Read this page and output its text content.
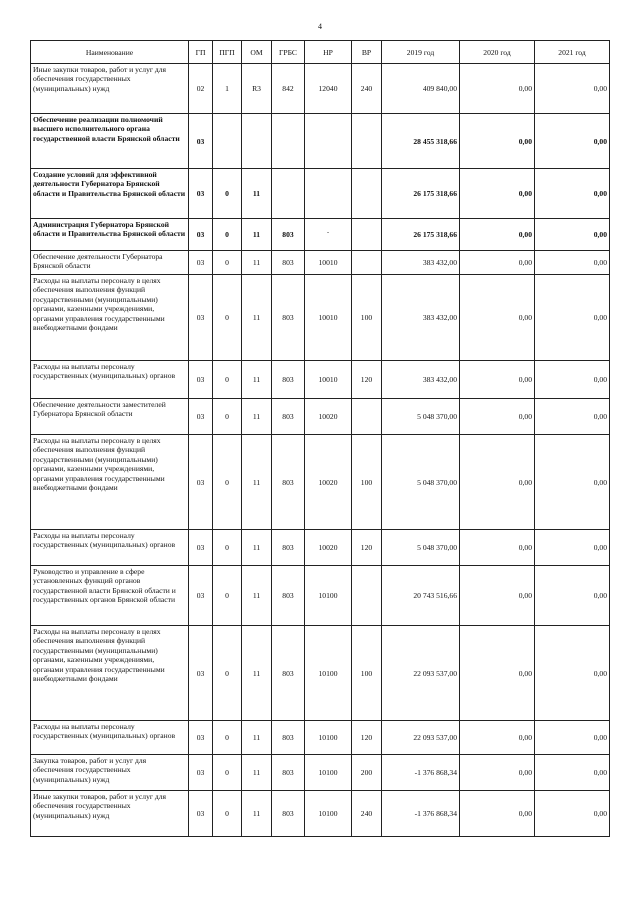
4
Наименование	ГП	ПГП	ОМ	ГРБС	НР	ВР	2019 год	2020 год	2021 год
Иные закупки товаров, работ и услуг для обеспечения государственных (муниципальных) нужд	02	1	R3	842	12040	240	409 840,00	0,00	0,00
Обеспечение реализации полномочий высшего исполнительного органа государственной власти Брянской области	03						28 455 318,66	0,00	0,00
Создание условий для эффективной деятельности Губернатора Брянской области и Правительства Брянской области	03	0	11				26 175 318,66	0,00	0,00
Администрация Губернатора Брянской области и Правительства Брянской области	03	0	11	803	`		26 175 318,66	0,00	0,00
Обеспечение деятельности Губернатора Брянской области	03	0	11	803	10010		383 432,00	0,00	0,00
Расходы на выплаты персоналу в целях обеспечения выполнения функций государственными (муниципальными) органами, казенными учреждениями, органами управления государственными внебюджетными фондами	03	0	11	803	10010	100	383 432,00	0,00	0,00
Расходы на выплаты персоналу государственных (муниципальных) органов	03	0	11	803	10010	120	383 432,00	0,00	0,00
Обеспечение деятельности заместителей Губернатора Брянской области	03	0	11	803	10020		5 048 370,00	0,00	0,00
Расходы на выплаты персоналу в целях обеспечения выполнения функций государственными (муниципальными) органами, казенными учреждениями, органами управления государственными внебюджетными фондами	03	0	11	803	10020	100	5 048 370,00	0,00	0,00
Расходы на выплаты персоналу государственных (муниципальных) органов	03	0	11	803	10020	120	5 048 370,00	0,00	0,00
Руководство и управление в сфере установленных функций органов государственной власти Брянской области и государственных органов Брянской области	03	0	11	803	10100		20 743 516,66	0,00	0,00
Расходы на выплаты персоналу в целях обеспечения выполнения функций государственными (муниципальными) органами, казенными учреждениями, органами управления государственными внебюджетными фондами	03	0	11	803	10100	100	22 093 537,00	0,00	0,00
Расходы на выплаты персоналу государственных (муниципальных) органов	03	0	11	803	10100	120	22 093 537,00	0,00	0,00
Закупка товаров, работ и услуг для обеспечения государственных (муниципальных) нужд	03	0	11	803	10100	200	-1 376 868,34	0,00	0,00
Иные закупки товаров, работ и услуг для обеспечения государственных (муниципальных) нужд	03	0	11	803	10100	240	-1 376 868,34	0,00	0,00
